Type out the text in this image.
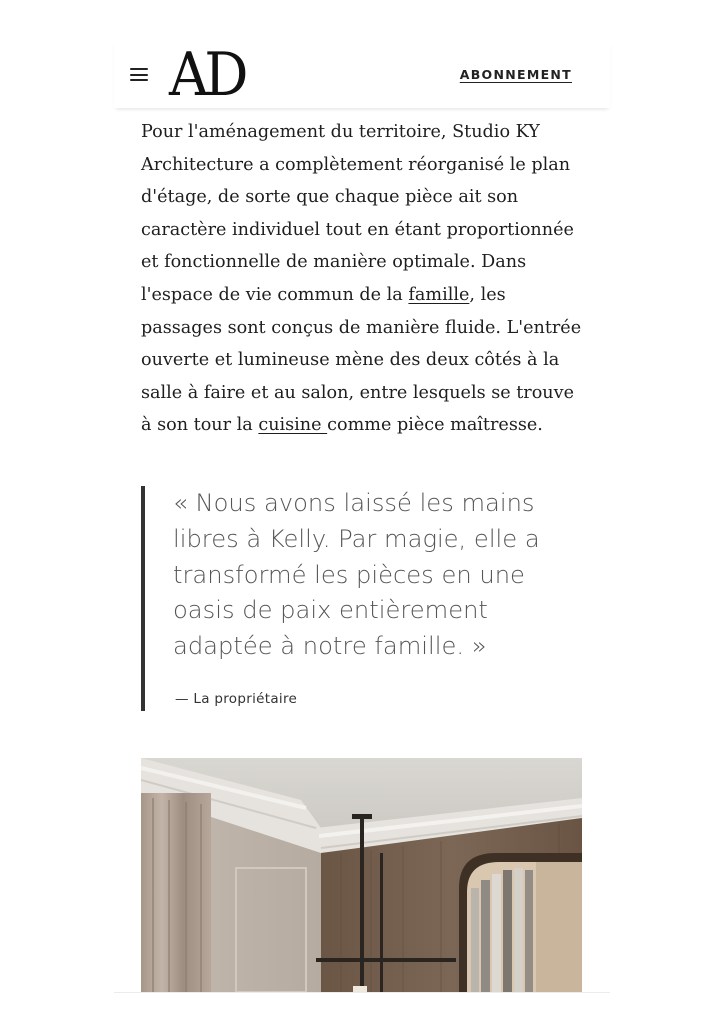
AD	ABONNEMENT

Pour l'aménagement du territoire, Studio KY Architecture a complètement réorganisé le plan d'étage, de sorte que chaque pièce ait son caractère individuel tout en étant proportionnée et fonctionnelle de manière optimale. Dans l'espace de vie commun de la famille, les passages sont conçus de manière fluide. L'entrée ouverte et lumineuse mène des deux côtés à la salle à faire et au salon, entre lesquels se trouve à son tour la cuisine comme pièce maîtresse.

« Nous avons laissé les mains libres à Kelly. Par magie, elle a transformé les pièces en une oasis de paix entièrement adaptée à notre famille. »

— La propriétaire
